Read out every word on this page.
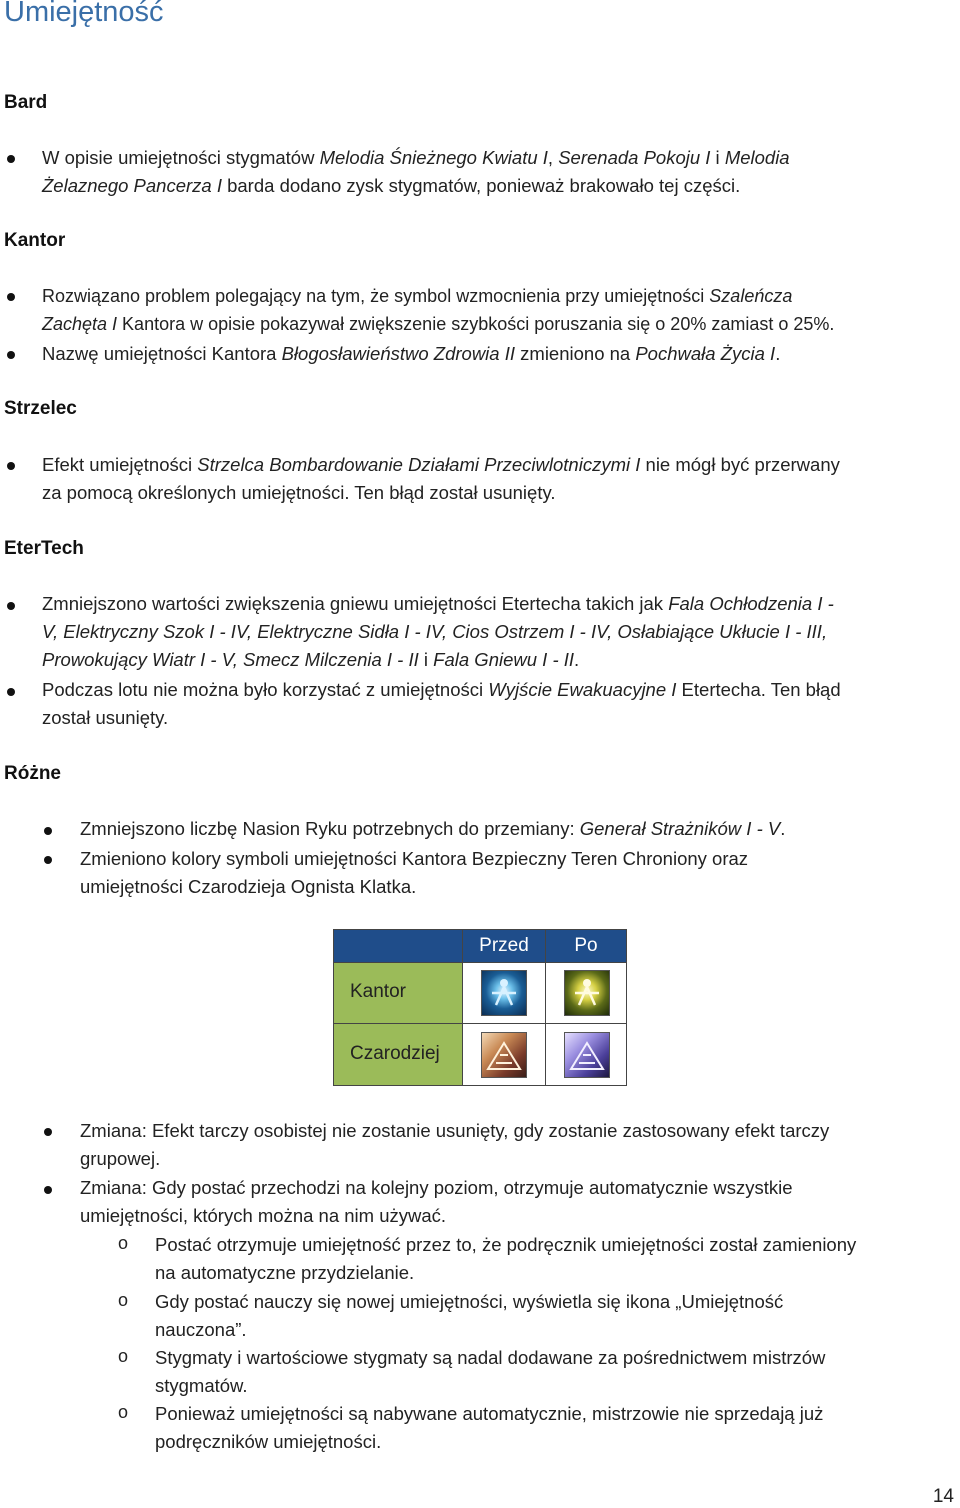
Umiejętność
Bard
W opisie umiejętności stygmatów Melodia Śnieżnego Kwiatu I, Serenada Pokoju I i Melodia
Żelaznego Pancerza I barda dodano zysk stygmatów, ponieważ brakowało tej części.
Kantor
Rozwiązano problem polegający na tym, że symbol wzmocnienia przy umiejętności Szaleńcza
Zachęta I Kantora w opisie pokazywał zwiększenie szybkości poruszania się o 20% zamiast o 25%.
Nazwę umiejętności Kantora Błogosławieństwo Zdrowia II zmieniono na Pochwała Życia I.
Strzelec
Efekt umiejętności Strzelca Bombardowanie Działami Przeciwlotniczymi I nie mógł być przerwany
za pomocą określonych umiejętności. Ten błąd został usunięty.
EterTech
Zmniejszono wartości zwiększenia gniewu umiejętności Etertecha takich jak Fala Ochłodzenia I -
V, Elektryczny Szok I - IV, Elektryczne Sidła I - IV, Cios Ostrzem I - IV, Osłabiające Ukłucie I - III,
Prowokujący Wiatr I - V, Smecz Milczenia I - II i Fala Gniewu I - II.
Podczas lotu nie można było korzystać z umiejętności Wyjście Ewakuacyjne I Etertecha. Ten błąd
został usunięty.
Różne
Zmniejszono liczbę Nasion Ryku potrzebnych do przemiany: Generał Strażników I - V.
Zmieniono kolory symboli umiejętności Kantora Bezpieczny Teren Chroniony oraz
umiejętności Czarodzieja Ognista Klatka.
Przed	Po
Kantor
Czarodziej
Zmiana: Efekt tarczy osobistej nie zostanie usunięty, gdy zostanie zastosowany efekt tarczy
grupowej.
Zmiana: Gdy postać przechodzi na kolejny poziom, otrzymuje automatycznie wszystkie
umiejętności, których można na nim używać.
o Postać otrzymuje umiejętność przez to, że podręcznik umiejętności został zamieniony
na automatyczne przydzielanie.
o Gdy postać nauczy się nowej umiejętności, wyświetla się ikona „Umiejętność
nauczona”.
o Stygmaty i wartościowe stygmaty są nadal dodawane za pośrednictwem mistrzów
stygmatów.
o Ponieważ umiejętności są nabywane automatycznie, mistrzowie nie sprzedają już
podręczników umiejętności.
14
